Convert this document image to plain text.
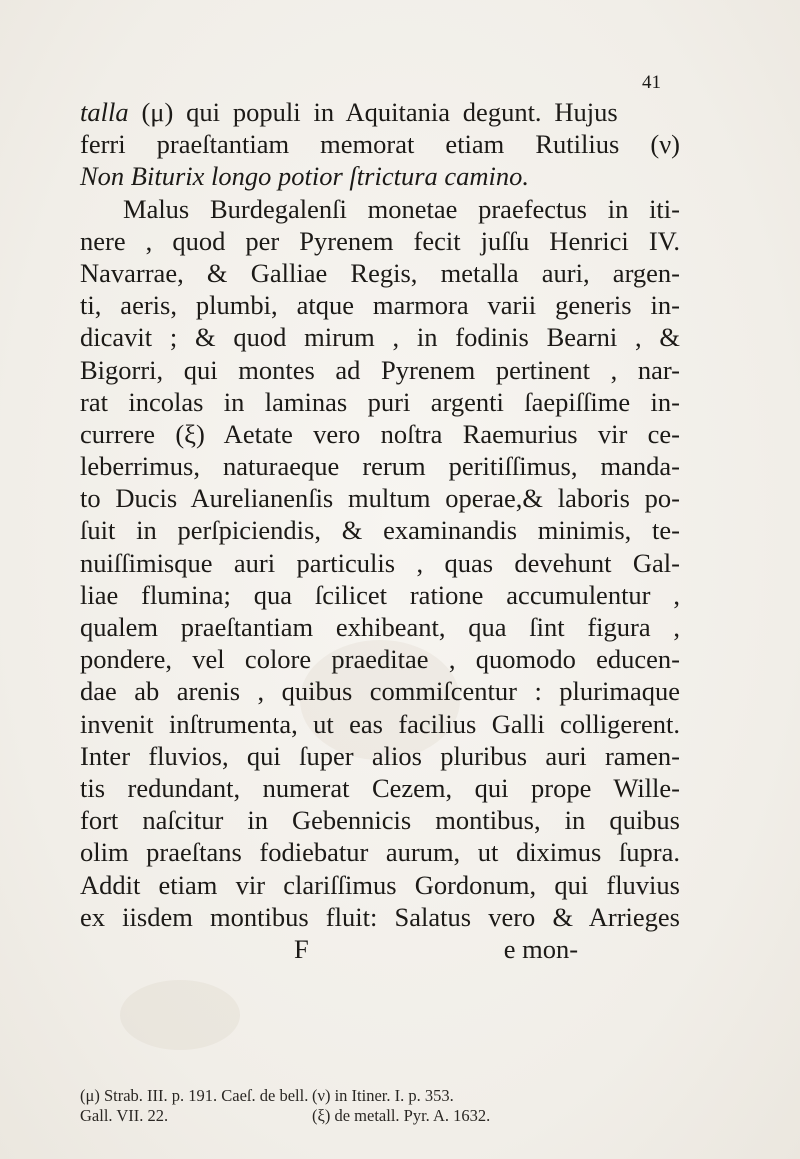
41
talla (μ) qui populi in Aquitania degunt. Hujus
ferri praeſtantiam memorat etiam Rutilius (ν)
Non Biturix longo potior ſtrictura camino.
Malus Burdegalenſi monetae praefectus in iti-
nere , quod per Pyrenem fecit juſſu Henrici IV.
Navarrae, & Galliae Regis, metalla auri, argen-
ti, aeris, plumbi, atque marmora varii generis in-
dicavit ; & quod mirum , in fodinis Bearni , &
Bigorri, qui montes ad Pyrenem pertinent , nar-
rat incolas in laminas puri argenti ſaepiſſime in-
currere (ξ) Aetate vero noſtra Raemurius vir ce-
leberrimus, naturaeque rerum peritiſſimus, manda-
to Ducis Aurelianenſis multum operae,& laboris po-
ſuit in perſpiciendis, & examinandis minimis, te-
nuiſſimisque auri particulis , quas devehunt Gal-
liae flumina; qua ſcilicet ratione accumulentur ,
qualem praeſtantiam exhibeant, qua ſint figura ,
pondere, vel colore praeditae , quomodo educen-
dae ab arenis , quibus commiſcentur : plurimaque
invenit inſtrumenta, ut eas facilius Galli colligerent.
Inter fluvios, qui ſuper alios pluribus auri ramen-
tis redundant, numerat Cezem, qui prope Wille-
fort naſcitur in Gebennicis montibus, in quibus
olim praeſtans fodiebatur aurum, ut diximus ſupra.
Addit etiam vir clariſſimus Gordonum, qui fluvius
ex iisdem montibus fluit: Salatus vero & Arrieges
F	e mon-
(μ) Strab. III. p. 191. Caeſ. de bell. (ν) in Itiner. I. p. 353.
Gall. VII. 22.	(ξ) de metall. Pyr. A. 1632.
